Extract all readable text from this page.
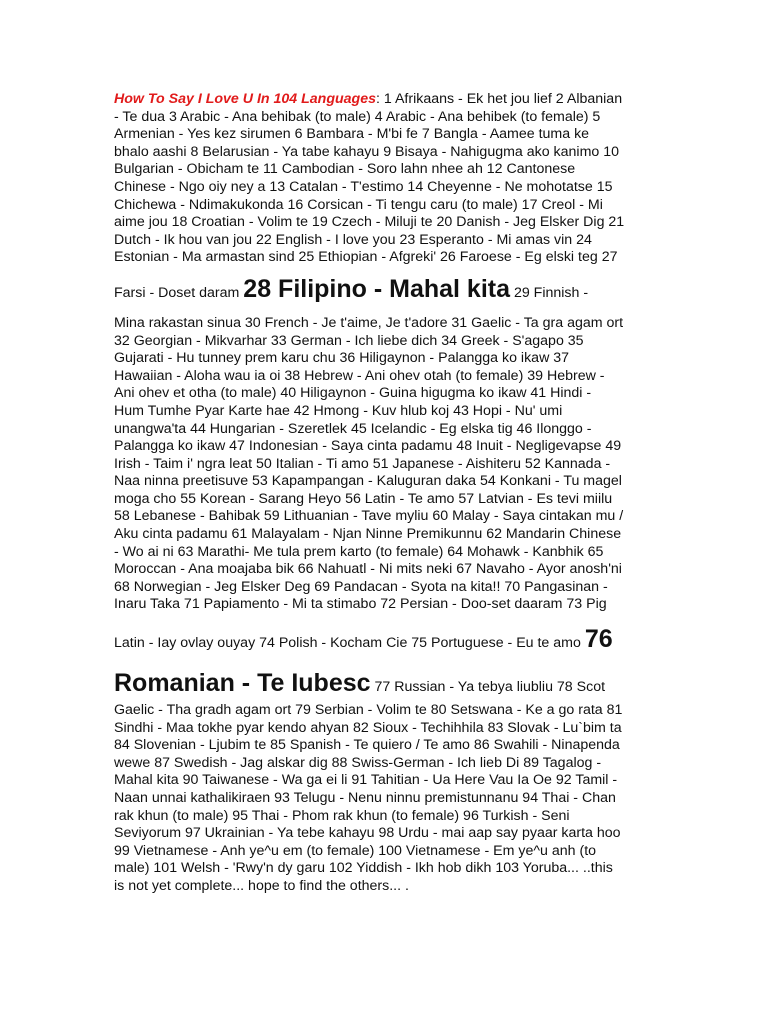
How To Say I Love U In 104 Languages: 1 Afrikaans - Ek het jou lief 2 Albanian
- Te dua 3 Arabic - Ana behibak (to male) 4 Arabic - Ana behibek (to female) 5
Armenian - Yes kez sirumen 6 Bambara - M'bi fe 7 Bangla - Aamee tuma ke
bhalo aashi 8 Belarusian - Ya tabe kahayu 9 Bisaya - Nahigugma ako kanimo 10
Bulgarian - Obicham te 11 Cambodian - Soro lahn nhee ah 12 Cantonese
Chinese - Ngo oiy ney a 13 Catalan - T'estimo 14 Cheyenne - Ne mohotatse 15
Chichewa - Ndimakukonda 16 Corsican - Ti tengu caru (to male) 17 Creol - Mi
aime jou 18 Croatian - Volim te 19 Czech - Miluji te 20 Danish - Jeg Elsker Dig 21
Dutch - Ik hou van jou 22 English - I love you 23 Esperanto - Mi amas vin 24
Estonian - Ma armastan sind 25 Ethiopian - Afgreki' 26 Faroese - Eg elski teg 27
Farsi - Doset daram 28 Filipino - Mahal kita 29 Finnish -
Mina rakastan sinua 30 French - Je t'aime, Je t'adore 31 Gaelic - Ta gra agam ort
32 Georgian - Mikvarhar 33 German - Ich liebe dich 34 Greek - S'agapo 35
Gujarati - Hu tunney prem karu chu 36 Hiligaynon - Palangga ko ikaw 37
Hawaiian - Aloha wau ia oi 38 Hebrew - Ani ohev otah (to female) 39 Hebrew -
Ani ohev et otha (to male) 40 Hiligaynon - Guina higugma ko ikaw 41 Hindi -
Hum Tumhe Pyar Karte hae 42 Hmong - Kuv hlub koj 43 Hopi - Nu' umi
unangwa'ta 44 Hungarian - Szeretlek 45 Icelandic - Eg elska tig 46 Ilonggo -
Palangga ko ikaw 47 Indonesian - Saya cinta padamu 48 Inuit - Negligevapse 49
Irish - Taim i' ngra leat 50 Italian - Ti amo 51 Japanese - Aishiteru 52 Kannada -
Naa ninna preetisuve 53 Kapampangan - Kaluguran daka 54 Konkani - Tu magel
moga cho 55 Korean - Sarang Heyo 56 Latin - Te amo 57 Latvian - Es tevi miilu
58 Lebanese - Bahibak 59 Lithuanian - Tave myliu 60 Malay - Saya cintakan mu /
Aku cinta padamu 61 Malayalam - Njan Ninne Premikunnu 62 Mandarin Chinese
- Wo ai ni 63 Marathi- Me tula prem karto (to female) 64 Mohawk - Kanbhik 65
Moroccan - Ana moajaba bik 66 Nahuatl - Ni mits neki 67 Navaho - Ayor anosh'ni
68 Norwegian - Jeg Elsker Deg 69 Pandacan - Syota na kita!! 70 Pangasinan -
Inaru Taka 71 Papiamento - Mi ta stimabo 72 Persian - Doo-set daaram 73 Pig
Latin - Iay ovlay ouyay 74 Polish - Kocham Cie 75 Portuguese - Eu te amo 76
Romanian - Te Iubesc 77 Russian - Ya tebya liubliu 78 Scot
Gaelic - Tha gradh agam ort 79 Serbian - Volim te 80 Setswana - Ke a go rata 81
Sindhi - Maa tokhe pyar kendo ahyan 82 Sioux - Techihhila 83 Slovak - Lu`bim ta
84 Slovenian - Ljubim te 85 Spanish - Te quiero / Te amo 86 Swahili - Ninapenda
wewe 87 Swedish - Jag alskar dig 88 Swiss-German - Ich lieb Di 89 Tagalog -
Mahal kita 90 Taiwanese - Wa ga ei li 91 Tahitian - Ua Here Vau Ia Oe 92 Tamil -
Naan unnai kathalikiraen 93 Telugu - Nenu ninnu premistunnanu 94 Thai - Chan
rak khun (to male) 95 Thai - Phom rak khun (to female) 96 Turkish - Seni
Seviyorum 97 Ukrainian - Ya tebe kahayu 98 Urdu - mai aap say pyaar karta hoo
99 Vietnamese - Anh ye^u em (to female) 100 Vietnamese - Em ye^u anh (to
male) 101 Welsh - 'Rwy'n dy garu 102 Yiddish - Ikh hob dikh 103 Yoruba... ..this
is not yet complete... hope to find the others... .
